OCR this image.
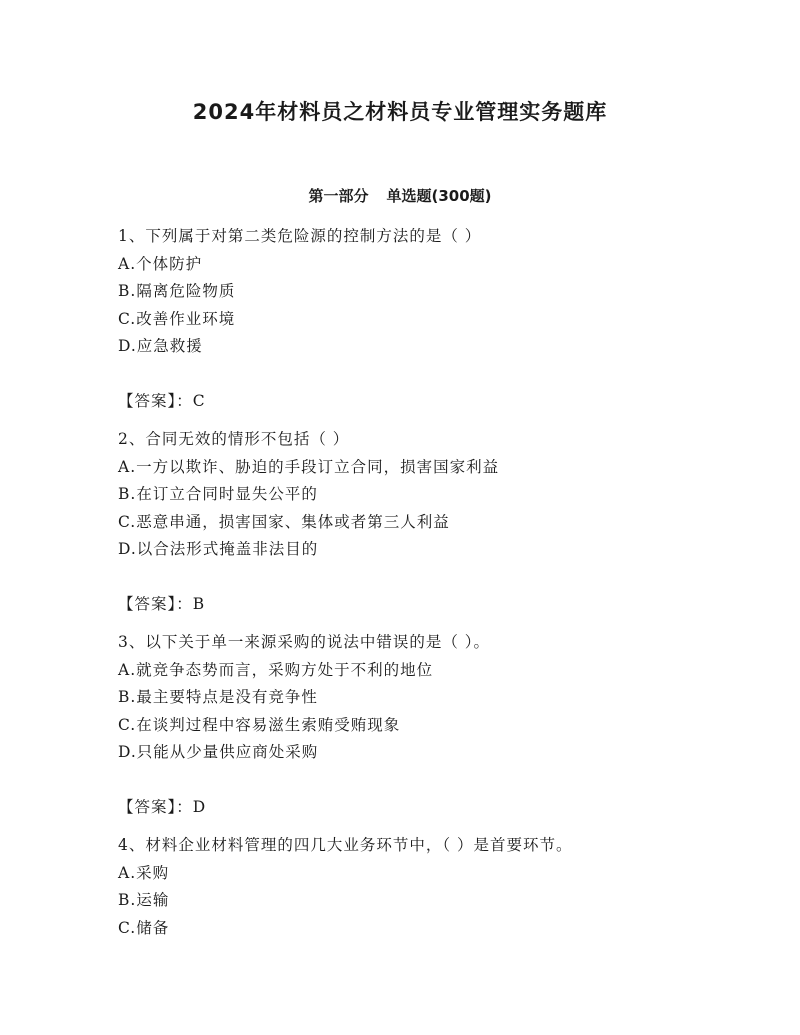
2024年材料员之材料员专业管理实务题库
第一部分 单选题(300题)
1、下列属于对第二类危险源的控制方法的是（ ）
A.个体防护
B.隔离危险物质
C.改善作业环境
D.应急救援
【答案】：C
2、合同无效的情形不包括（ ）
A.一方以欺诈、胁迫的手段订立合同，损害国家利益
B.在订立合同时显失公平的
C.恶意串通，损害国家、集体或者第三人利益
D.以合法形式掩盖非法目的
【答案】：B
3、以下关于单一来源采购的说法中错误的是（ ）。
A.就竞争态势而言，采购方处于不利的地位
B.最主要特点是没有竞争性
C.在谈判过程中容易滋生索贿受贿现象
D.只能从少量供应商处采购
【答案】：D
4、材料企业材料管理的四几大业务环节中，（ ）是首要环节。
A.采购
B.运输
C.储备
